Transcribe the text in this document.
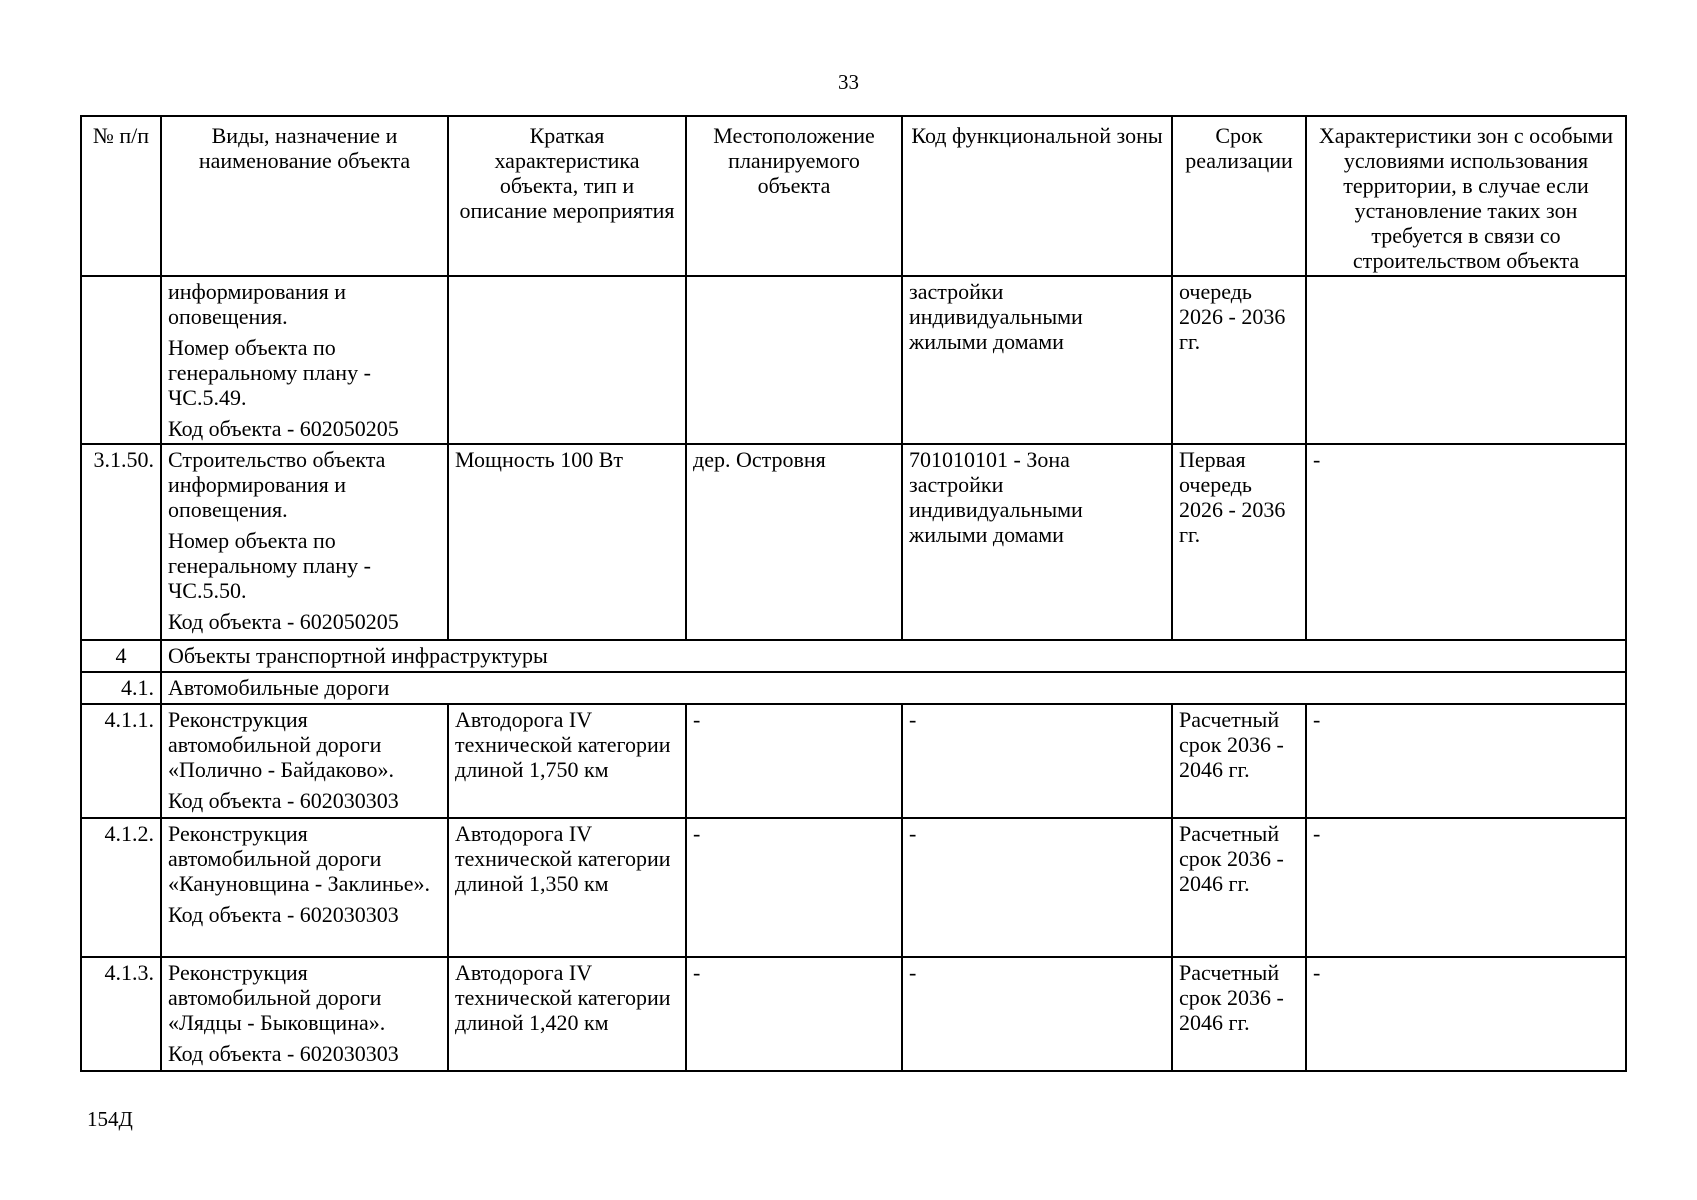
33
№ п/п	Виды, назначение и наименование объекта	Краткая характеристика объекта, тип и описание мероприятия	Местоположение планируемого объекта	Код функциональной зоны	Срок реализации	Характеристики зон с особыми условиями использования территории, в случае если установление таких зон требуется в связи со строительством объекта

	информирования и оповещения.

Номер объекта по генеральному плану - ЧС.5.49.

Код объекта - 602050205			застройки индивидуальными жилыми домами	очередь 2026 - 2036 гг.	
3.1.50.	Строительство объекта информирования и оповещения.

Номер объекта по генеральному плану - ЧС.5.50.

Код объекта - 602050205	Мощность 100 Вт	дер. Островня	701010101 - Зона застройки индивидуальными жилыми домами	Первая очередь 2026 - 2036 гг.	-
4	Объекты транспортной инфраструктуры					
4.1.	Автомобильные дороги					
4.1.1.	Реконструкция автомобильной дороги «Полично - Байдаково».

Код объекта - 602030303	Автодорога IV технической категории длиной 1,750 км	-	-	Расчетный срок 2036 - 2046 гг.	-
4.1.2.	Реконструкция автомобильной дороги «Кануновщина - Заклинье».

Код объекта - 602030303	Автодорога IV технической категории длиной 1,350 км	-	-	Расчетный срок 2036 - 2046 гг.	-
4.1.3.	Реконструкция автомобильной дороги «Лядцы - Быковщина».

Код объекта - 602030303	Автодорога IV технической категории длиной 1,420 км	-	-	Расчетный срок 2036 - 2046 гг.	-
154Д
